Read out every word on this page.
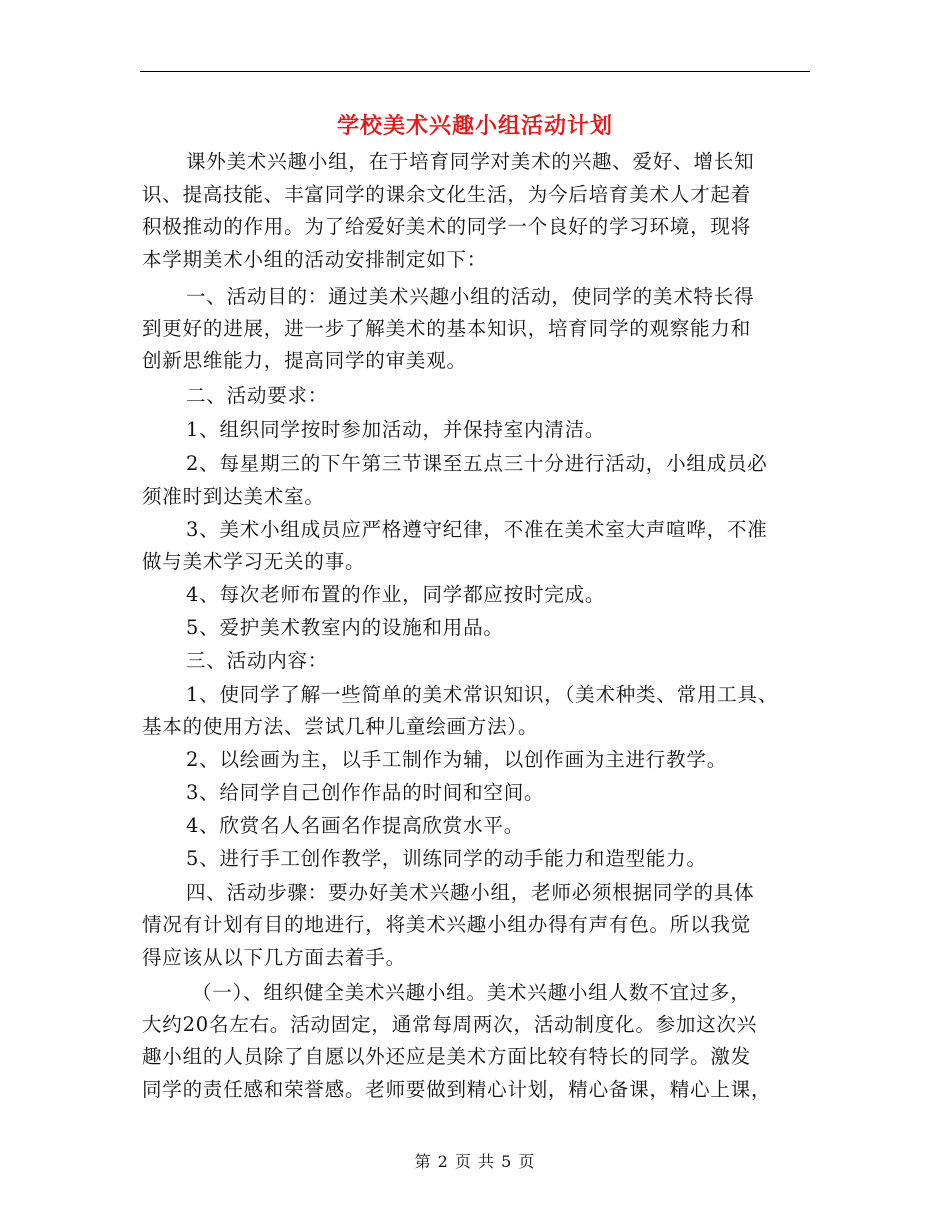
学校美术兴趣小组活动计划
课外美术兴趣小组，在于培育同学对美术的兴趣、爱好、增长知
识、提高技能、丰富同学的课余文化生活，为今后培育美术人才起着
积极推动的作用。为了给爱好美术的同学一个良好的学习环境，现将
本学期美术小组的活动安排制定如下：
一、活动目的：通过美术兴趣小组的活动，使同学的美术特长得
到更好的进展，进一步了解美术的基本知识，培育同学的观察能力和
创新思维能力，提高同学的审美观。
二、活动要求：
1、组织同学按时参加活动，并保持室内清洁。
2、每星期三的下午第三节课至五点三十分进行活动，小组成员必
须准时到达美术室。
3、美术小组成员应严格遵守纪律，不准在美术室大声喧哗，不准
做与美术学习无关的事。
4、每次老师布置的作业，同学都应按时完成。
5、爱护美术教室内的设施和用品。
三、活动内容：
1、使同学了解一些简单的美术常识知识，（美术种类、常用工具、
基本的使用方法、尝试几种儿童绘画方法）。
2、以绘画为主，以手工制作为辅，以创作画为主进行教学。
3、给同学自己创作作品的时间和空间。
4、欣赏名人名画名作提高欣赏水平。
5、进行手工创作教学，训练同学的动手能力和造型能力。
四、活动步骤：要办好美术兴趣小组，老师必须根据同学的具体
情况有计划有目的地进行，将美术兴趣小组办得有声有色。所以我觉
得应该从以下几方面去着手。
（一）、组织健全美术兴趣小组。美术兴趣小组人数不宜过多，
大约20名左右。活动固定，通常每周两次，活动制度化。参加这次兴
趣小组的人员除了自愿以外还应是美术方面比较有特长的同学。激发
同学的责任感和荣誉感。老师要做到精心计划，精心备课，精心上课，
第 2 页 共 5 页
